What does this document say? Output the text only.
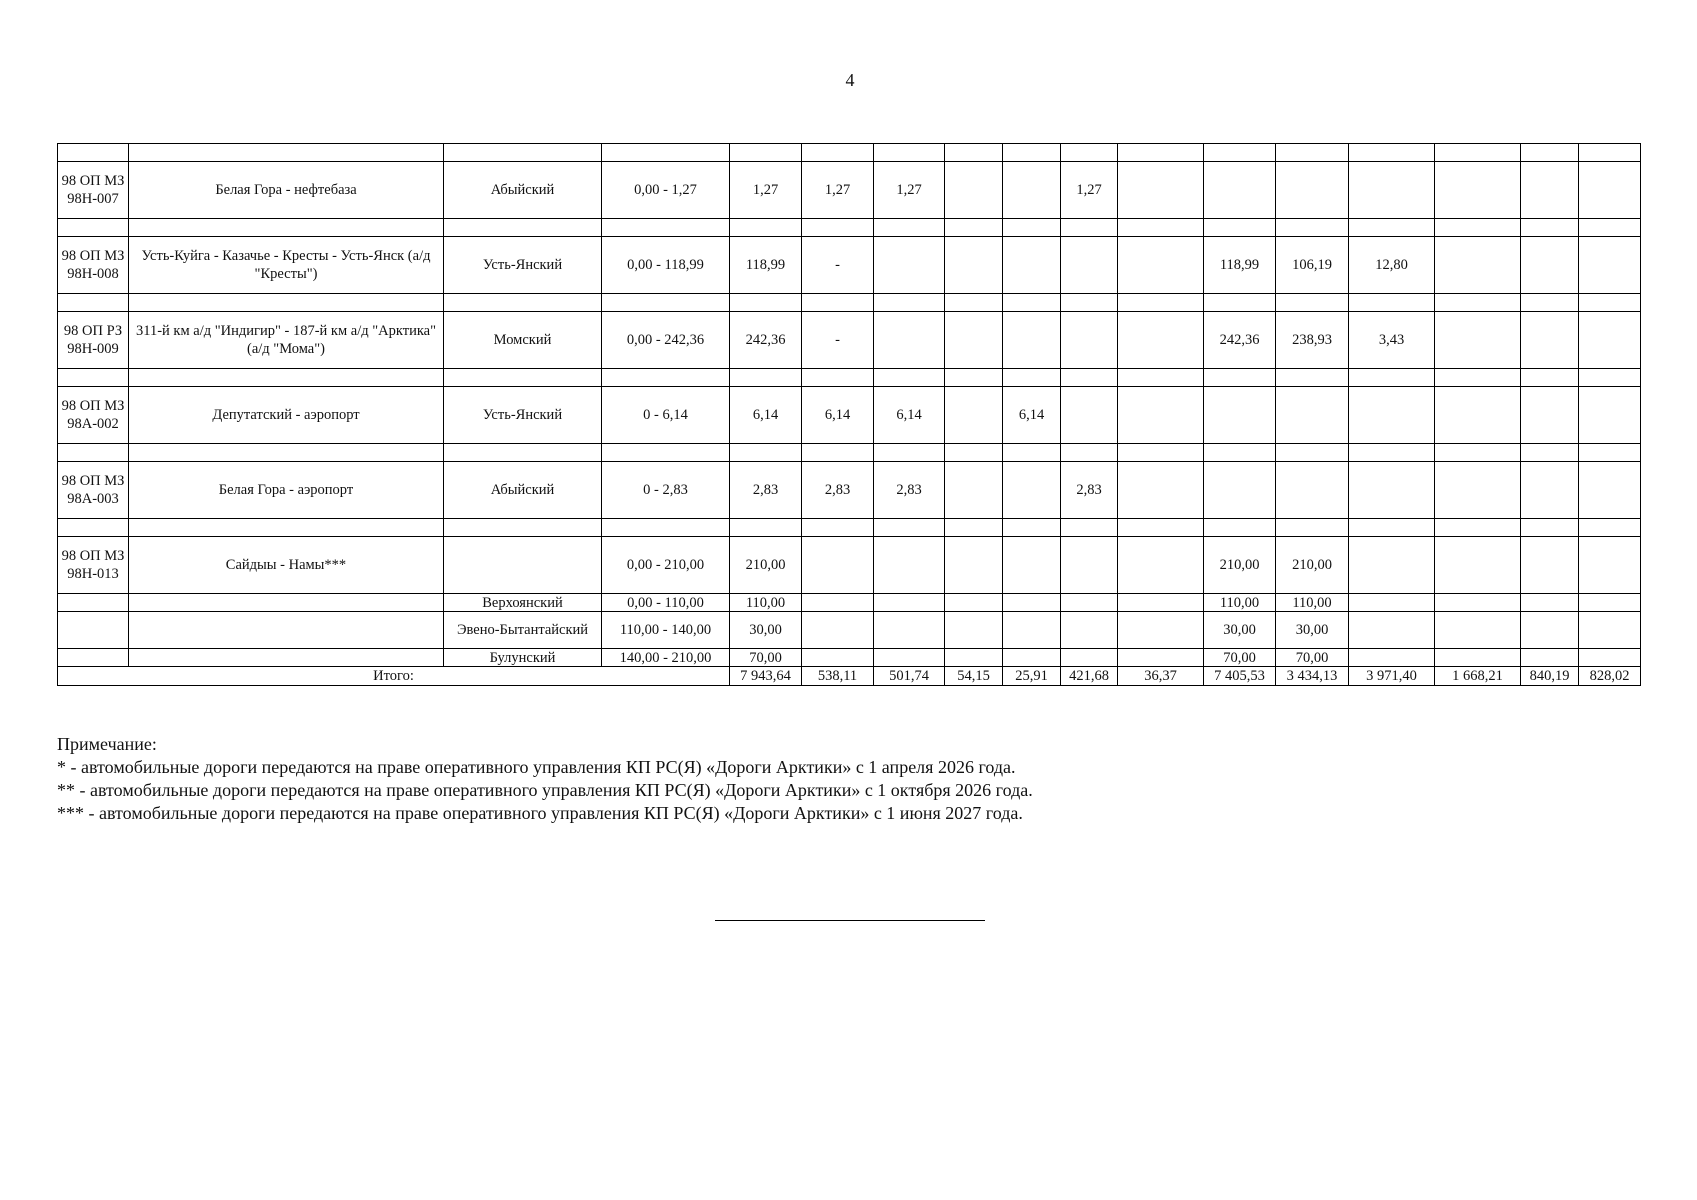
4

98 ОП МЗ 98Н-007	Белая Гора - нефтебаза	Абыйский	0,00 - 1,27	1,27	1,27	1,27			1,27							

98 ОП МЗ 98Н-008	Усть-Куйга - Казачье - Кресты - Усть-Янск (а/д "Кресты")	Усть-Янский	0,00 - 118,99	118,99	-						118,99	106,19	12,80			

98 ОП РЗ 98Н-009	311-й км а/д "Индигир" - 187-й км а/д "Арктика" (а/д "Мома")	Момский	0,00 - 242,36	242,36	-						242,36	238,93	3,43			

98 ОП МЗ 98А-002	Депутатский - аэропорт	Усть-Янский	0 - 6,14	6,14	6,14	6,14		6,14								

98 ОП МЗ 98А-003	Белая Гора - аэропорт	Абыйский	0 - 2,83	2,83	2,83	2,83			2,83							

98 ОП МЗ 98Н-013	Сайдыы - Намы***		0,00 - 210,00	210,00							210,00	210,00				
		Верхоянский	0,00 - 110,00	110,00							110,00	110,00				
		Эвено-Бытантайский	110,00 - 140,00	30,00							30,00	30,00				
		Булунский	140,00 - 210,00	70,00							70,00	70,00				
Итого:				7 943,64	538,11	501,74	54,15	25,91	421,68	36,37	7 405,53	3 434,13	3 971,40	1 668,21	840,19	828,02
Примечание:
* - автомобильные дороги передаются на праве оперативного управления КП РС(Я) «Дороги Арктики» с 1 апреля 2026 года.
** - автомобильные дороги передаются на праве оперативного управления КП РС(Я) «Дороги Арктики» с 1 октября 2026 года.
*** - автомобильные дороги передаются на праве оперативного управления КП РС(Я) «Дороги Арктики» с 1 июня 2027 года.
